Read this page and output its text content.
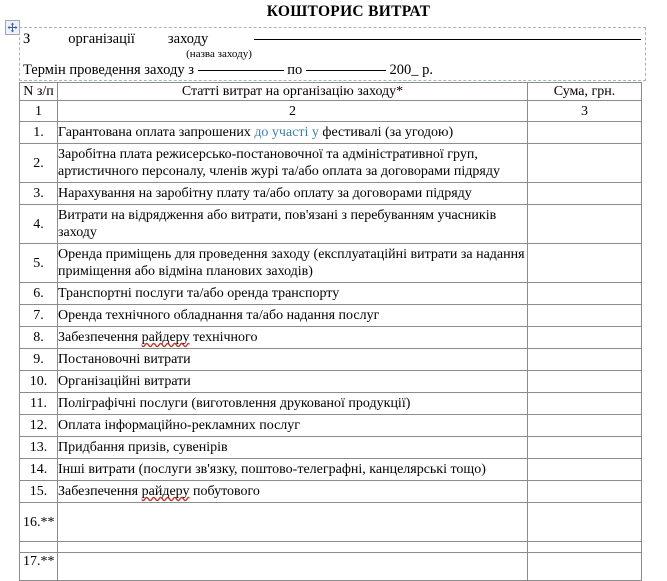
КОШТОРИС ВИТРАТ
З	організації заходу
(назва заходу)
Термін проведення заходу з	по	200_ р.
N з/п	Статті витрат на організацію заходу*	Сума, грн.
1	2	3
1.	Гарантована оплата запрошених до участі у фестивалі (за угодою)	
2.	Заробітна плата режисерсько-постановочної та адміністративної груп, артистичного персоналу, членів журі та/або оплата за договорами підряду	
3.	Нарахування на заробітну плату та/або оплату за договорами підряду	
4.	Витрати на відрядження або витрати, пов'язані з перебуванням учасників заходу	
5.	Оренда приміщень для проведення заходу (експлуатаційні витрати за надання приміщення або відміна планових заходів)	
6.	Транспортні послуги та/або оренда транспорту	
7.	Оренда технічного обладнання та/або надання послуг	
8.	Забезпечення райдеру технічного	
9.	Постановочні витрати	
10.	Організаційні витрати	
11.	Поліграфічні послуги (виготовлення друкованої продукції)	
12.	Оплата інформаційно-рекламних послуг	
13.	Придбання призів, сувенірів	
14.	Інші витрати (послуги зв'язку, поштово-телеграфні, канцелярські тощо)	
15.	Забезпечення райдеру побутового	
16.**		
17.**		
